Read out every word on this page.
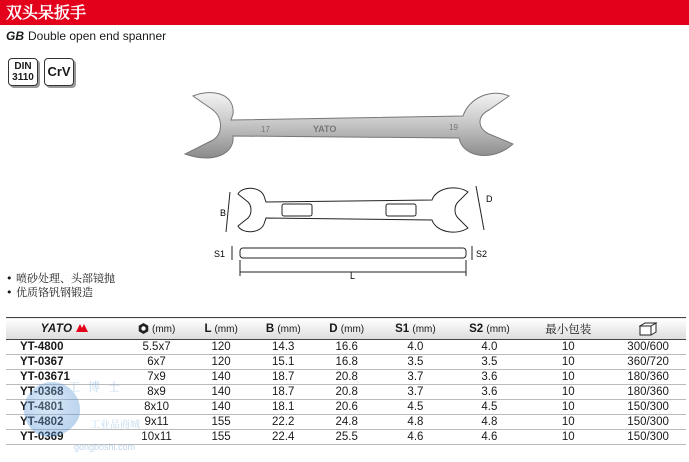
双头呆扳手
GB Double open end spanner
DIN
3110 CrV
17	YATO	19
B
D
S1	S2
L
• 喷砂处理、头部镜抛
• 优质铬钒钢锻造
YATO	(mm)	L (mm)	B (mm)	D (mm)	S1 (mm)	S2 (mm)	最小包装	
YT-4800	5.5x7	120	14.3	16.6	4.0	4.0	10	300/600
YT-0367	6x7	120	15.1	16.8	3.5	3.5	10	360/720
YT-03671	7x9	140	18.7	20.8	3.7	3.6	10	180/360
YT-0368	8x9	140	18.7	20.8	3.7	3.6	10	180/360
YT-4801	8x10	140	18.1	20.6	4.5	4.5	10	150/300
YT-4802	9x11	155	22.2	24.8	4.8	4.8	10	150/300
YT-0369	10x11	155	22.4	25.5	4.6	4.6	10	150/300
工博士
工业品商城
gongboshi.com
